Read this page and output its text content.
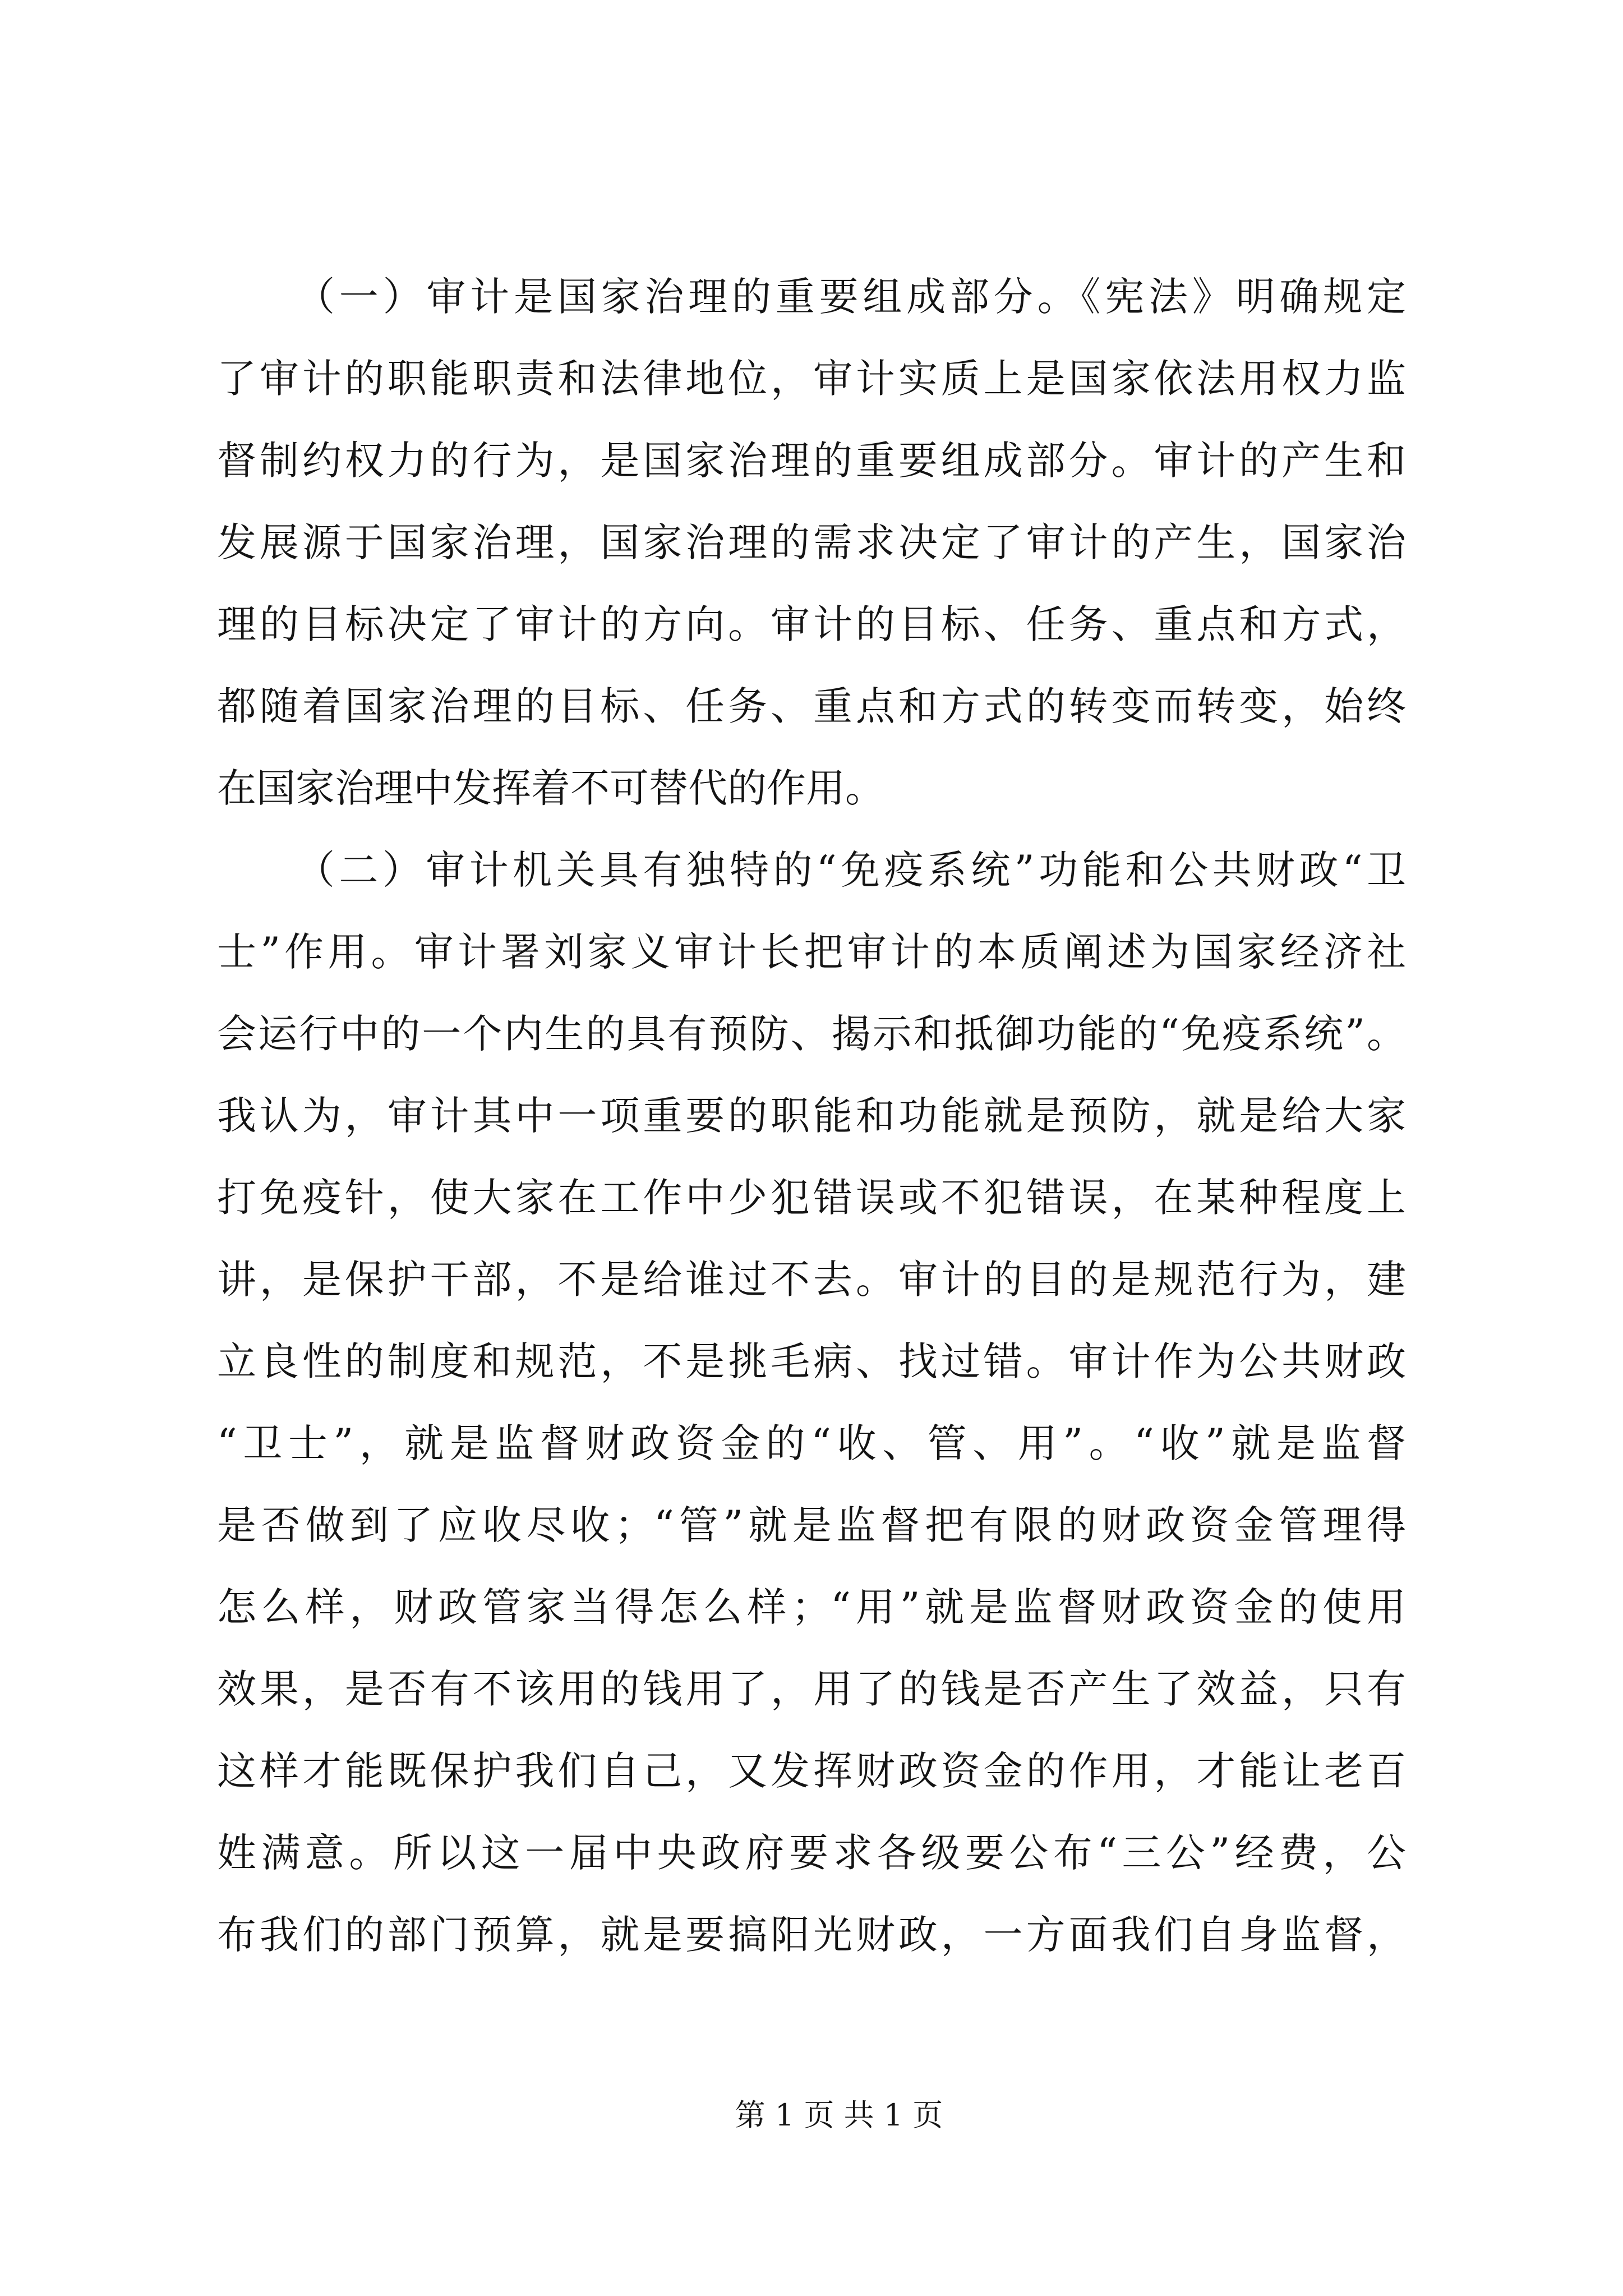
（一）审计是国家治理的重要组成部分。《宪法》明确规定
了审计的职能职责和法律地位，审计实质上是国家依法用权力监
督制约权力的行为，是国家治理的重要组成部分。审计的产生和
发展源于国家治理，国家治理的需求决定了审计的产生，国家治
理的目标决定了审计的方向。审计的目标、任务、重点和方式，
都随着国家治理的目标、任务、重点和方式的转变而转变，始终
在国家治理中发挥着不可替代的作用。
（二）审计机关具有独特的“免疫系统”功能和公共财政“卫
士”作用。审计署刘家义审计长把审计的本质阐述为国家经济社
会运行中的一个内生的具有预防、揭示和抵御功能的“免疫系统”。
我认为，审计其中一项重要的职能和功能就是预防，就是给大家
打免疫针，使大家在工作中少犯错误或不犯错误，在某种程度上
讲，是保护干部，不是给谁过不去。审计的目的是规范行为，建
立良性的制度和规范，不是挑毛病、找过错。审计作为公共财政
“卫士”，就是监督财政资金的“收、管、用”。“收”就是监督
是否做到了应收尽收；“管”就是监督把有限的财政资金管理得
怎么样，财政管家当得怎么样；“用”就是监督财政资金的使用
效果，是否有不该用的钱用了，用了的钱是否产生了效益，只有
这样才能既保护我们自己，又发挥财政资金的作用，才能让老百
姓满意。所以这一届中央政府要求各级要公布“三公”经费，公
布我们的部门预算，就是要搞阳光财政，一方面我们自身监督，
第 1 页 共 1 页
